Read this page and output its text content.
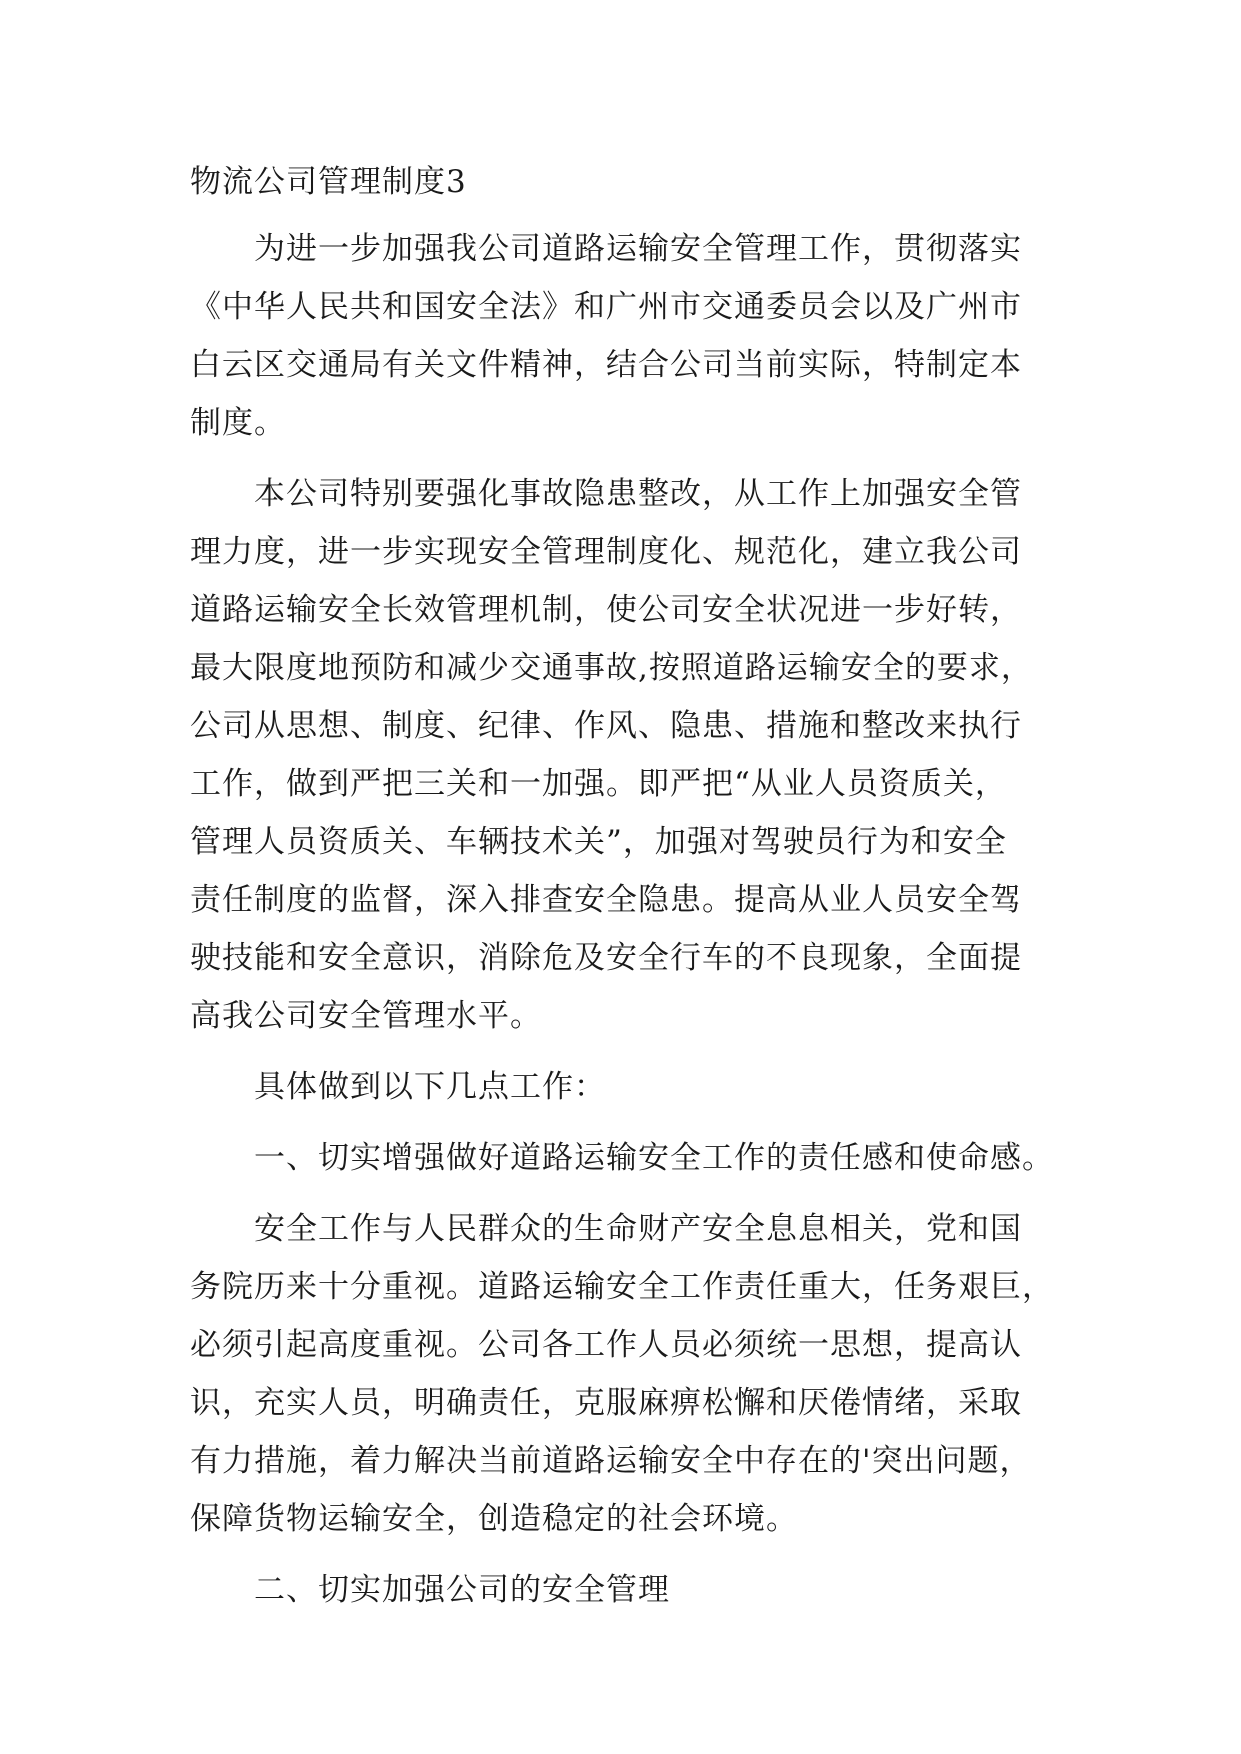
物流公司管理制度3

为进一步加强我公司道路运输安全管理工作，贯彻落实
《中华人民共和国安全法》和广州市交通委员会以及广州市
白云区交通局有关文件精神，结合公司当前实际，特制定本
制度。

本公司特别要强化事故隐患整改，从工作上加强安全管
理力度，进一步实现安全管理制度化、规范化，建立我公司
道路运输安全长效管理机制，使公司安全状况进一步好转，
最大限度地预防和减少交通事故,按照道路运输安全的要求，
公司从思想、制度、纪律、作风、隐患、措施和整改来执行
工作，做到严把三关和一加强。即严把“从业人员资质关，
管理人员资质关、车辆技术关”，加强对驾驶员行为和安全
责任制度的监督，深入排查安全隐患。提高从业人员安全驾
驶技能和安全意识，消除危及安全行车的不良现象，全面提
高我公司安全管理水平。

具体做到以下几点工作：

一、切实增强做好道路运输安全工作的责任感和使命感。

安全工作与人民群众的生命财产安全息息相关，党和国
务院历来十分重视。道路运输安全工作责任重大，任务艰巨，
必须引起高度重视。公司各工作人员必须统一思想，提高认
识，充实人员，明确责任，克服麻痹松懈和厌倦情绪，采取
有力措施，着力解决当前道路运输安全中存在的'突出问题，
保障货物运输安全，创造稳定的社会环境。

二、切实加强公司的安全管理
